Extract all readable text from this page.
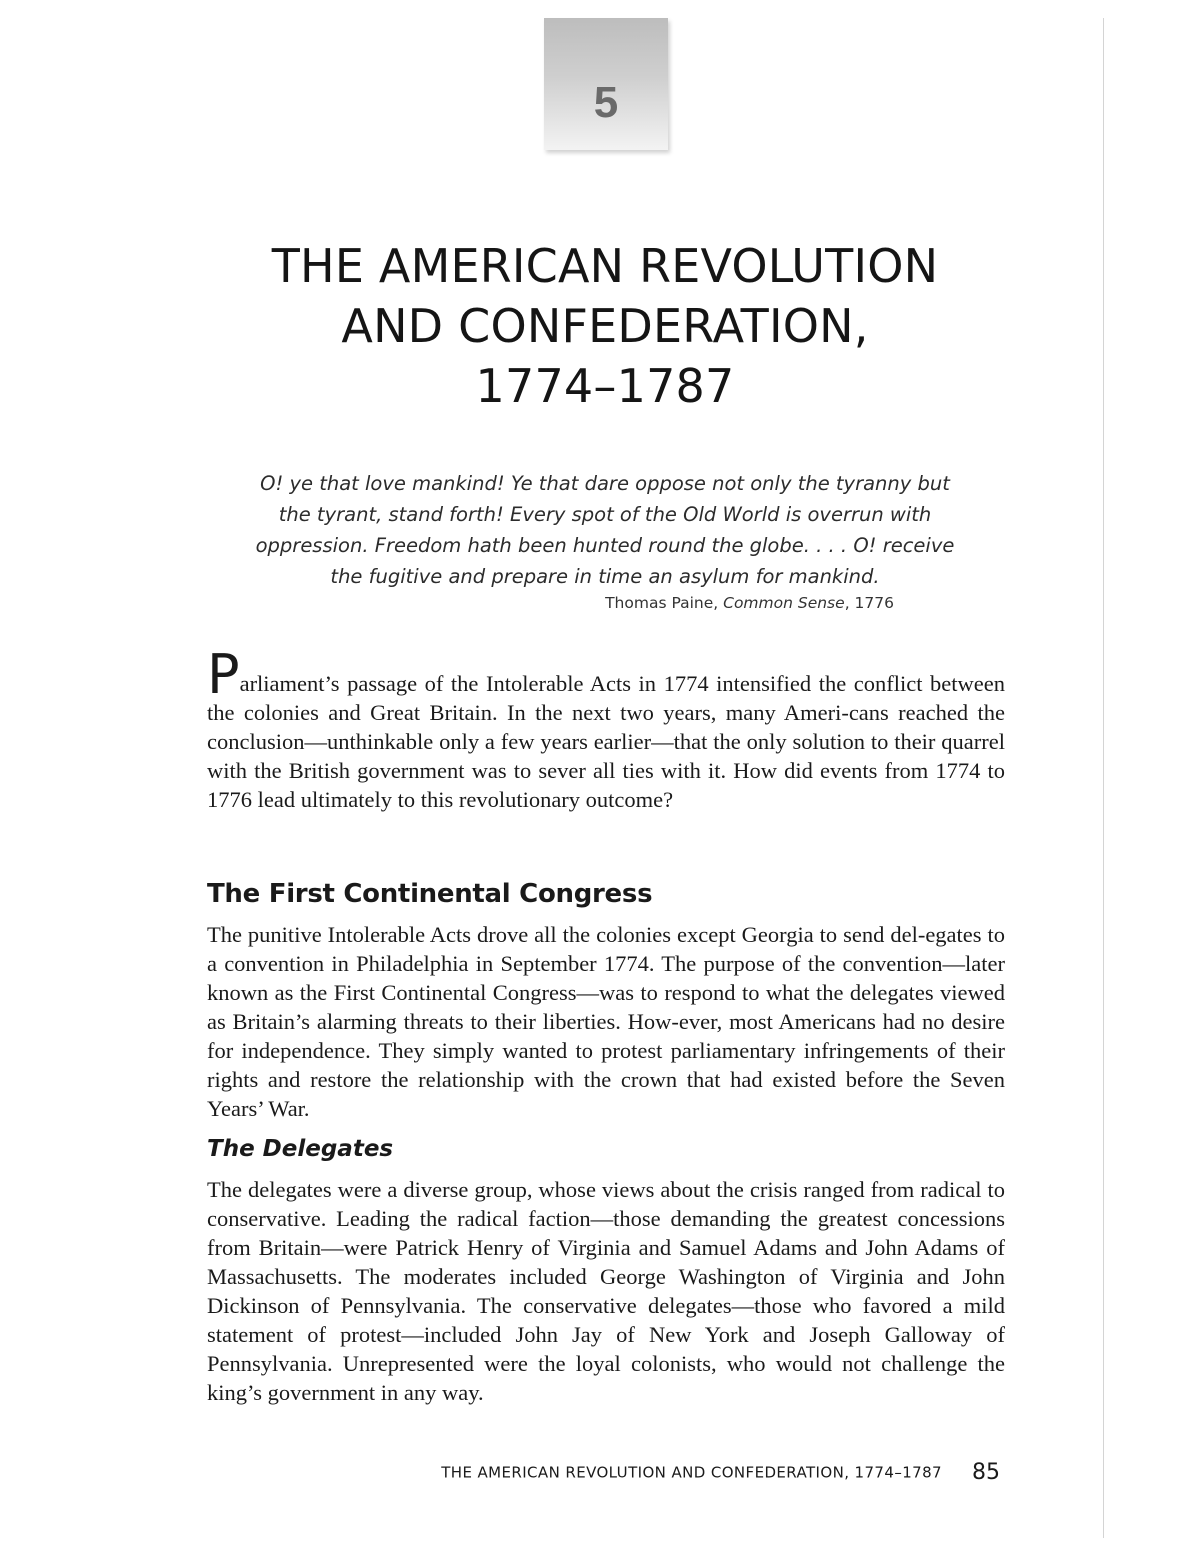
5
THE AMERICAN REVOLUTION
AND CONFEDERATION,
1774–1787

O! ye that love mankind! Ye that dare oppose not only the tyranny but
the tyrant, stand forth! Every spot of the Old World is overrun with
oppression. Freedom hath been hunted round the globe. . . . O! receive
the fugitive and prepare in time an asylum for mankind.

Thomas Paine, Common Sense, 1776

Parliament’s passage of the Intolerable Acts in 1774 intensified the conflict between the colonies and Great Britain. In the next two years, many Ameri-cans reached the conclusion—unthinkable only a few years earlier—that the only solution to their quarrel with the British government was to sever all ties with it. How did events from 1774 to 1776 lead ultimately to this revolutionary outcome?

The First Continental Congress

The punitive Intolerable Acts drove all the colonies except Georgia to send del-egates to a convention in Philadelphia in September 1774. The purpose of the convention—later known as the First Continental Congress—was to respond to what the delegates viewed as Britain’s alarming threats to their liberties. How-ever, most Americans had no desire for independence. They simply wanted to protest parliamentary infringements of their rights and restore the relationship with the crown that had existed before the Seven Years’ War.

The Delegates

The delegates were a diverse group, whose views about the crisis ranged from radical to conservative. Leading the radical faction—those demanding the greatest concessions from Britain—were Patrick Henry of Virginia and Samuel Adams and John Adams of Massachusetts. The moderates included George Washington of Virginia and John Dickinson of Pennsylvania. The conservative delegates—those who favored a mild statement of protest—included John Jay of New York and Joseph Galloway of Pennsylvania. Unrepresented were the loyal colonists, who would not challenge the king’s government in any way.

THE AMERICAN REVOLUTION AND CONFEDERATION, 1774–1787 85
